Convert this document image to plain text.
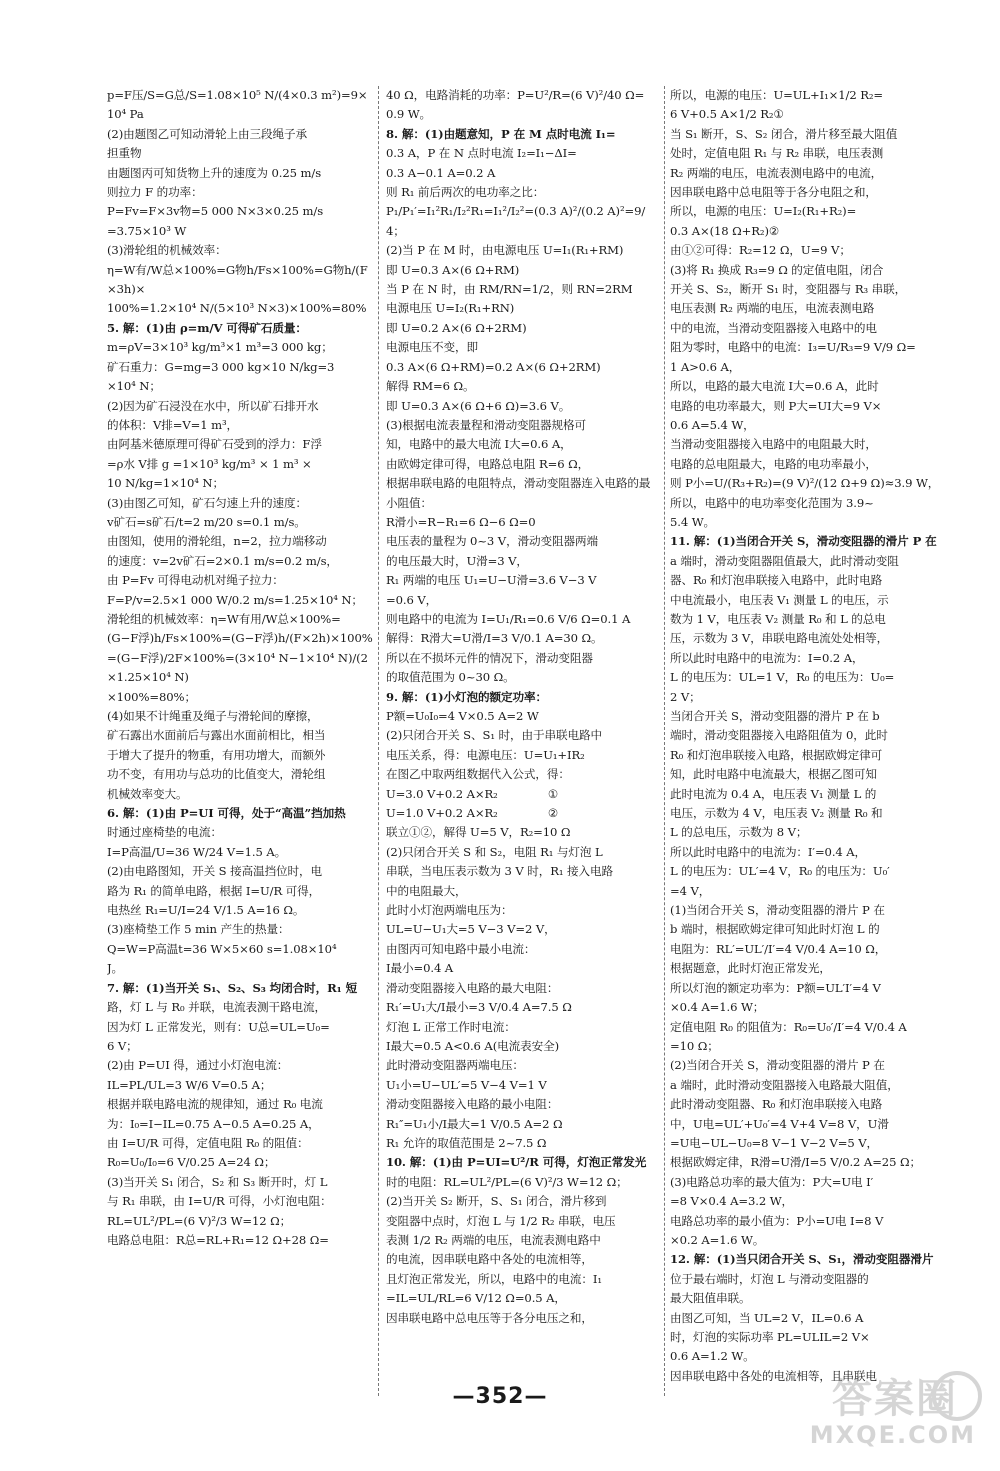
p=F压/S=G总/S=1.08×10⁵ N/(4×0.3 m²)=9×10⁴ Pa
(2)由题图乙可知动滑轮上由三段绳子承
担重物
由题图丙可知货物上升的速度为 0.25 m/s
则拉力 F 的功率：
P=Fv=F×3v物=5 000 N×3×0.25 m/s
=3.75×10³ W
(3)滑轮组的机械效率：
η=W有/W总×100%=G物h/Fs×100%=G物h/(F×3h)×
100%=1.2×10⁴ N/(5×10³ N×3)×100%=80%
5. 解：(1)由 ρ=m/V 可得矿石质量：
m=ρV=3×10³ kg/m³×1 m³=3 000 kg；
矿石重力：G=mg=3 000 kg×10 N/kg=3
×10⁴ N；
(2)因为矿石浸没在水中，所以矿石排开水
的体积：V排=V=1 m³，
由阿基米德原理可得矿石受到的浮力：F浮
=ρ水 V排 g =1×10³ kg/m³ × 1 m³ ×
10 N/kg=1×10⁴ N；
(3)由图乙可知，矿石匀速上升的速度：
v矿石=s矿石/t=2 m/20 s=0.1 m/s。
由图知，使用的滑轮组，n=2，拉力端移动
的速度：v=2v矿石=2×0.1 m/s=0.2 m/s，
由 P=Fv 可得电动机对绳子拉力：
F=P/v=2.5×1 000 W/0.2 m/s=1.25×10⁴ N；
滑轮组的机械效率：η=W有用/W总×100%=
(G−F浮)h/Fs×100%=(G−F浮)h/(F×2h)×100%
=(G−F浮)/2F×100%=(3×10⁴ N−1×10⁴ N)/(2×1.25×10⁴ N)
×100%=80%；
(4)如果不计绳重及绳子与滑轮间的摩擦，
矿石露出水面前后与露出水面前相比，相当
于增大了提升的物重，有用功增大，而额外
功不变，有用功与总功的比值变大，滑轮组
机械效率变大。
6. 解：(1)由 P=UI 可得，处于“高温”挡加热
时通过座椅垫的电流：
I=P高温/U=36 W/24 V=1.5 A。
(2)由电路图知，开关 S 接高温挡位时，电
路为 R₁ 的简单电路，根据 I=U/R 可得，
电热丝 R₁=U/I=24 V/1.5 A=16 Ω。
(3)座椅垫工作 5 min 产生的热量：
Q=W=P高温t=36 W×5×60 s=1.08×10⁴
J。
7. 解：(1)当开关 S₁、S₂、S₃ 均闭合时，R₁ 短
路，灯 L 与 R₀ 并联，电流表测干路电流，
因为灯 L 正常发光，则有：U总=UL=U₀=
6 V；
(2)由 P=UI 得，通过小灯泡电流：
IL=PL/UL=3 W/6 V=0.5 A；
根据并联电路电流的规律知，通过 R₀ 电流
为：I₀=I−IL=0.75 A−0.5 A=0.25 A，
由 I=U/R 可得，定值电阻 R₀ 的阻值：
R₀=U₀/I₀=6 V/0.25 A=24 Ω；
(3)当开关 S₁ 闭合，S₂ 和 S₃ 断开时，灯 L
与 R₁ 串联，由 I=U/R 可得，小灯泡电阻：
RL=UL²/PL=(6 V)²/3 W=12 Ω；
电路总电阻：R总=RL+R₁=12 Ω+28 Ω=
40 Ω，电路消耗的功率：P=U²/R=(6 V)²/40 Ω=
0.9 W。
8. 解：(1)由题意知，P 在 M 点时电流 I₁=
0.3 A，P 在 N 点时电流 I₂=I₁−ΔI=
0.3 A−0.1 A=0.2 A
则 R₁ 前后两次的电功率之比：
P₁/P₁′=I₁²R₁/I₂²R₁=I₁²/I₂²=(0.3 A)²/(0.2 A)²=9/4；
(2)当 P 在 M 时，由电源电压 U=I₁(R₁+RM)
即 U=0.3 A×(6 Ω+RM)
当 P 在 N 时，由 RM/RN=1/2，则 RN=2RM
电源电压 U=I₂(R₁+RN)
即 U=0.2 A×(6 Ω+2RM)
电源电压不变，即
0.3 A×(6 Ω+RM)=0.2 A×(6 Ω+2RM)
解得 RM=6 Ω。
即 U=0.3 A×(6 Ω+6 Ω)=3.6 V。
(3)根据电流表量程和滑动变阻器规格可
知，电路中的最大电流 I大=0.6 A，
由欧姆定律可得，电路总电阻 R=6 Ω，
根据串联电路的电阻特点，滑动变阻器连入电路的最小阻值：
R滑小=R−R₁=6 Ω−6 Ω=0
电压表的量程为 0~3 V，滑动变阻器两端
的电压最大时，U滑=3 V，
R₁ 两端的电压 U₁=U−U滑=3.6 V−3 V
=0.6 V，
则电路中的电流为 I=U₁/R₁=0.6 V/6 Ω=0.1 A
解得：R滑大=U滑/I=3 V/0.1 A=30 Ω。
所以在不损坏元件的情况下，滑动变阻器
的取值范围为 0~30 Ω。
9. 解：(1)小灯泡的额定功率：
P额=U₀I₀=4 V×0.5 A=2 W
(2)只闭合开关 S、S₁ 时，由于串联电路中
电压关系，得：电源电压：U=U₁+IR₂
在图乙中取两组数据代入公式，得：
U=3.0 V+0.2 A×R₂              ①
U=1.0 V+0.2 A×R₂              ②
联立①②，解得 U=5 V，R₂=10 Ω
(2)只闭合开关 S 和 S₂，电阻 R₁ 与灯泡 L
串联，当电压表示数为 3 V 时，R₁ 接入电路
中的电阻最大，
此时小灯泡两端电压为：
UL=U−U₁大=5 V−3 V=2 V，
由图丙可知电路中最小电流：
I最小=0.4 A
滑动变阻器接入电路的最大电阻：
R₁′=U₁大/I最小=3 V/0.4 A=7.5 Ω
灯泡 L 正常工作时电流：
I最大=0.5 A<0.6 A(电流表安全)
此时滑动变阻器两端电压：
U₁小=U−UL′=5 V−4 V=1 V
滑动变阻器接入电路的最小电阻：
R₁″=U₁小/I最大=1 V/0.5 A=2 Ω
R₁ 允许的取值范围是 2~7.5 Ω
10. 解：(1)由 P=UI=U²/R 可得，灯泡正常发光
时的电阻：RL=UL²/PL=(6 V)²/3 W=12 Ω；
(2)当开关 S₂ 断开，S、S₁ 闭合，滑片移到
变阻器中点时，灯泡 L 与 1/2 R₂ 串联，电压
表测 1/2 R₂ 两端的电压，电流表测电路中
的电流，因串联电路中各处的电流相等，
且灯泡正常发光，所以，电路中的电流：I₁
=IL=UL/RL=6 V/12 Ω=0.5 A，
因串联电路中总电压等于各分电压之和，
所以，电源的电压：U=UL+I₁×1/2 R₂=
6 V+0.5 A×1/2 R₂①
当 S₁ 断开，S、S₂ 闭合，滑片移至最大阻值
处时，定值电阻 R₁ 与 R₂ 串联，电压表测
R₂ 两端的电压，电流表测电路中的电流，
因串联电路中总电阻等于各分电阻之和，
所以，电源的电压：U=I₂(R₁+R₂)=
0.3 A×(18 Ω+R₂)②
由①②可得：R₂=12 Ω，U=9 V；
(3)将 R₁ 换成 R₃=9 Ω 的定值电阻，闭合
开关 S、S₂，断开 S₁ 时，变阻器与 R₃ 串联，
电压表测 R₂ 两端的电压，电流表测电路
中的电流，当滑动变阻器接入电路中的电
阻为零时，电路中的电流：I₃=U/R₃=9 V/9 Ω=
1 A>0.6 A，
所以，电路的最大电流 I大=0.6 A，此时
电路的电功率最大，则 P大=UI大=9 V×
0.6 A=5.4 W，
当滑动变阻器接入电路中的电阻最大时，
电路的总电阻最大，电路的电功率最小，
则 P小=U/(R₃+R₂)=(9 V)²/(12 Ω+9 Ω)≈3.9 W，
所以，电路中的电功率变化范围为 3.9~
5.4 W。
11. 解：(1)当闭合开关 S，滑动变阻器的滑片 P 在
a 端时，滑动变阻器阻值最大，此时滑动变阻
器、R₀ 和灯泡串联接入电路中，此时电路
中电流最小，电压表 V₁ 测量 L 的电压，示
数为 1 V，电压表 V₂ 测量 R₀ 和 L 的总电
压，示数为 3 V，串联电路电流处处相等，
所以此时电路中的电流为：I=0.2 A，
L 的电压为：UL=1 V，R₀ 的电压为：U₀=
2 V；
当闭合开关 S，滑动变阻器的滑片 P 在 b
端时，滑动变阻器接入电路阻值为 0，此时
R₀ 和灯泡串联接入电路，根据欧姆定律可
知，此时电路中电流最大，根据乙图可知
此时电流为 0.4 A，电压表 V₁ 测量 L 的
电压，示数为 4 V，电压表 V₂ 测量 R₀ 和
L 的总电压，示数为 8 V；
所以此时电路中的电流为：I′=0.4 A，
L 的电压为：UL′=4 V，R₀ 的电压为：U₀′
=4 V，
(1)当闭合开关 S，滑动变阻器的滑片 P 在
b 端时，根据欧姆定律可知此时灯泡 L 的
电阻为：RL′=UL′/I′=4 V/0.4 A=10 Ω，
根据题意，此时灯泡正常发光，
所以灯泡的额定功率为：P额=UL′I′=4 V
×0.4 A=1.6 W；
定值电阻 R₀ 的阻值为：R₀=U₀′/I′=4 V/0.4 A
=10 Ω；
(2)当闭合开关 S，滑动变阻器的滑片 P 在
a 端时，此时滑动变阻器接入电路最大阻值，
此时滑动变阻器、R₀ 和灯泡串联接入电路
中，U电=UL′+U₀′=4 V+4 V=8 V，U滑
=U电−UL−U₀=8 V−1 V−2 V=5 V，
根据欧姆定律，R滑=U滑/I=5 V/0.2 A=25 Ω；
(3)电路总功率的最大值为：P大=U电 I′
=8 V×0.4 A=3.2 W，
电路总功率的最小值为：P小=U电 I=8 V
×0.2 A=1.6 W。
12. 解：(1)当只闭合开关 S、S₁，滑动变阻器滑片
位于最右端时，灯泡 L 与滑动变阻器的
最大阻值串联。
由图乙可知，当 UL=2 V，IL=0.6 A
时，灯泡的实际功率 PL=ULIL=2 V×
0.6 A=1.2 W。
因串联电路中各处的电流相等，且串联电
—352—	答案圈
MXQE.COM
